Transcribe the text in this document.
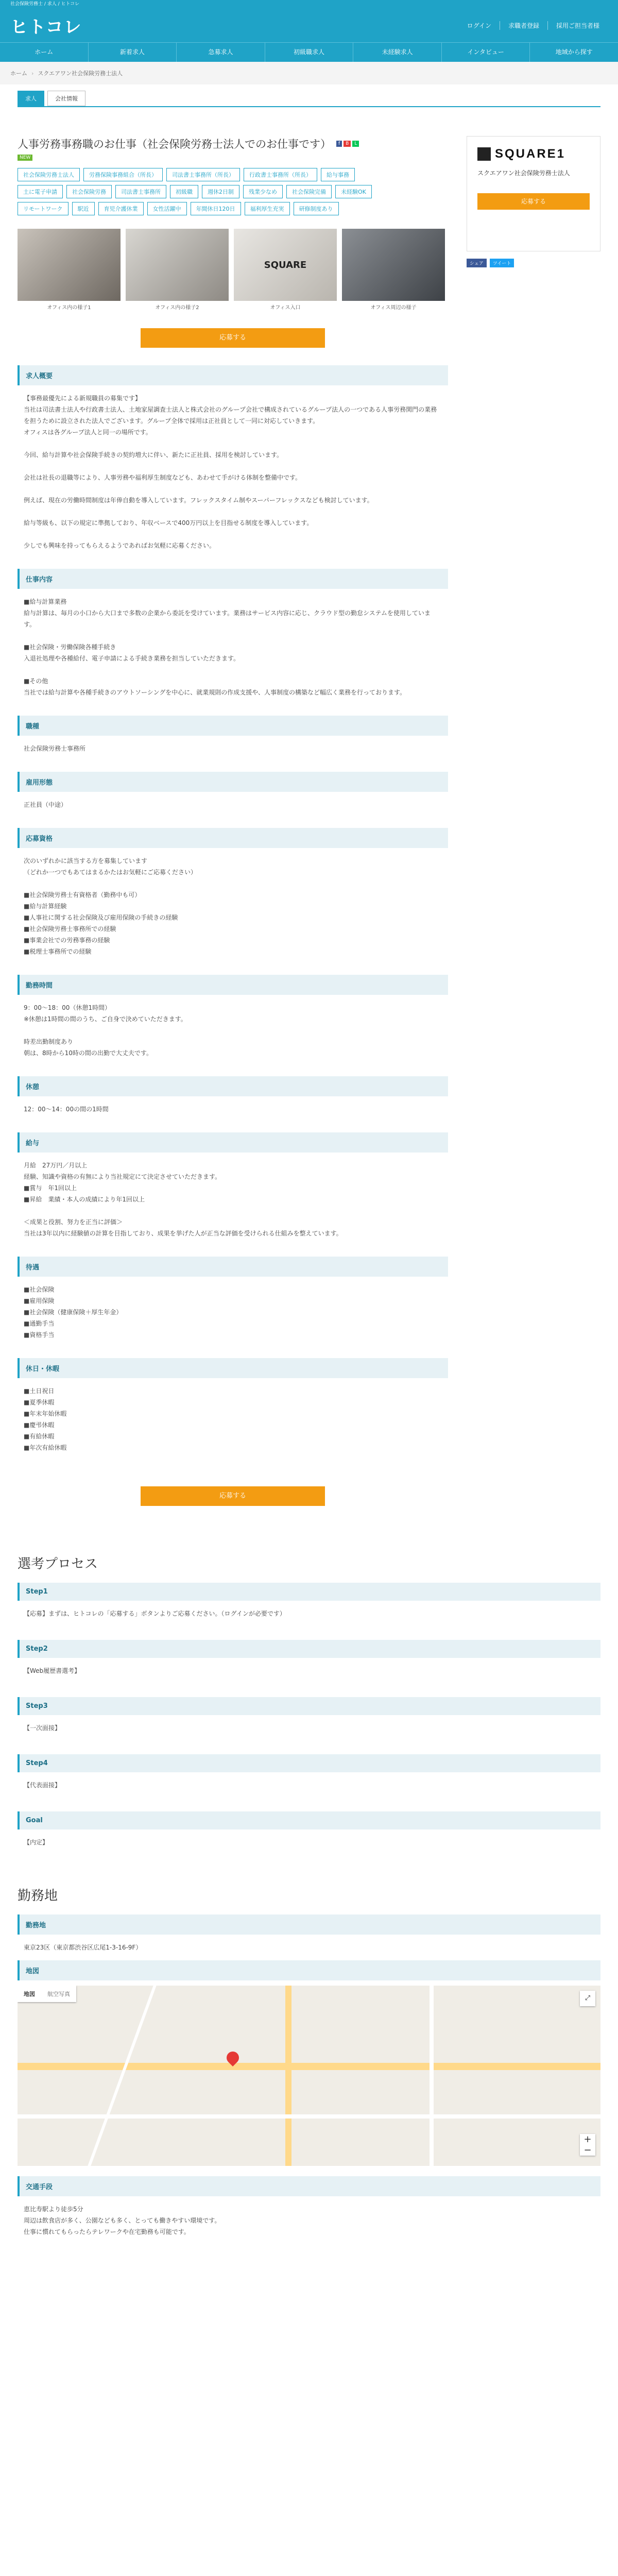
社会保険労務士 / 求人 / ヒトコレ
ヒトコレ	ログイン	求職者登録	採用ご担当者様
ホーム	新着求人	急募求人	初級職求人	未経験求人	インタビュー	地域から探す
ホーム › スクエアワン社会保険労務士法人
求人	会社情報
人事労務事務職のお仕事（社会保険労務士法人でのお仕事です）	f	B	L
NEW
社会保険労務士法人	労務保険事務組合（所長）	司法書士事務所（所長）	行政書士事務所（所長）	給与事務
土に電子申請	社会保険労務	司法書士事務所	初級職	週休2日制	残業少なめ	社会保険完備	未経験OK
リモートワーク	駅近	育児介護休業	女性活躍中	年間休日120日	福利厚生充実	研修制度あり
オフィス内の様子1	オフィス内の様子2
SQUARE
オフィス入口	オフィス周辺の様子
応募する
求人概要
【事務最優先による新規職員の募集です】
当社は司法書士法人や行政書士法人、土地家屋調査士法人と株式会社のグループ会社で構成されているグループ法人の一つである人事労務関門の業務を担うために設立された法人でございます。グループ全体で採用は正社員として一同に対応していきます。
オフィスは各グループ法人と同一の場所です。

今回、給与計算や社会保険手続きの契約増大に伴い、新たに正社員、採用を検討しています。

会社は社長の退職等により、人事労務や福利厚生制度なども、あわせて手がける体制を整備中です。

例えば、現在の労働時間制度は年俸自動を導入しています。フレックスタイム制やスーパーフレックスなども検討しています。

給与等級も、以下の規定に準拠しており、年収ベースで400万円以上を目指せる制度を導入しています。

少しでも興味を持ってもらえるようであればお気軽に応募ください。
仕事内容
■給与計算業務
給与計算は、毎月の小口から大口まで多数の企業から委託を受けています。業務はサービス内容に応じ、クラウド型の勤怠システムを使用しています。

■社会保険・労働保険各種手続き
入退社処理や各種給付、電子申請による手続き業務を担当していただきます。

■その他
当社では給与計算や各種手続きのアウトソーシングを中心に、就業規則の作成支援や、人事制度の構築など幅広く業務を行っております。
職種
社会保険労務士事務所
雇用形態
正社員（中途）
応募資格
次のいずれかに該当する方を募集しています
（どれか一つでもあてはまるかたはお気軽にご応募ください）

■社会保険労務士有資格者（勤務中も可）
■給与計算経験
■人事社に関する社会保険及び雇用保険の手続きの経験
■社会保険労務士事務所での経験
■事業会社での労務事務の経験
■税理士事務所での経験
勤務時間
9：00〜18：00（休憩1時間）
※休憩は1時間の間のうち、ご自身で決めていただきます。

時差出勤制度あり
朝は、8時から10時の間の出勤で大丈夫です。
休憩
12：00〜14：00の間の1時間
給与
月給　27万円／月以上
経験、知識や資格の有無により当社規定にて決定させていただきます。
■賞与　年1回以上
■昇給　業績・本人の成績により年1回以上

＜成果と役割、努力を正当に評価＞
当社は3年以内に経験値の計算を目指しており、成果を挙げた人が正当な評価を受けられる仕組みを整えています。
待遇
■社会保険
■雇用保険
■社会保険（健康保険＋厚生年金）
■通勤手当
■資格手当
休日・休暇
■土日祝日
■夏季休暇
■年末年始休暇
■慶弔休暇
■有給休暇
■年次有給休暇
応募する
SQUARE1
スクエアワン社会保険労務士法人
応募する
シェア	ツイート
選考プロセス
Step1
【応募】まずは、ヒトコレの「応募する」ボタンよりご応募ください。（ログインが必要です）
Step2
【Web履歴書選考】
Step3
【一次面接】
Step4
【代表面接】
Goal
【内定】
勤務地
勤務地
東京23区（東京都渋谷区広尾1-3-16-9F）
地図
地図	航空写真
⤢
+
−
交通手段
恵比寿駅より徒歩5分
周辺は飲食店が多く、公園なども多く、とっても働きやすい環境です。
仕事に慣れてもらったらテレワークや在宅勤務も可能です。
